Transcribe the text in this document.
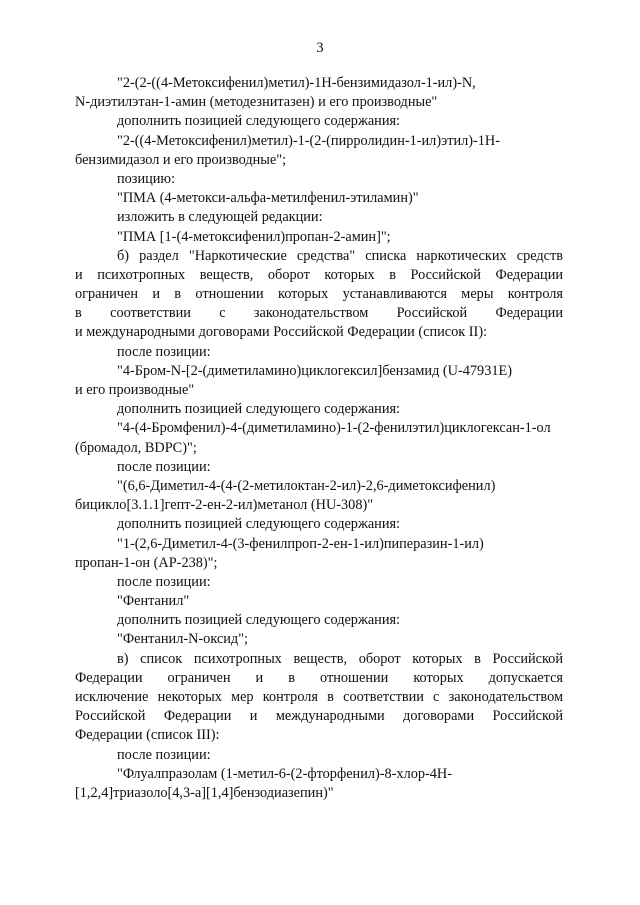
3
"2-(2-((4-Метоксифенил)метил)-1Н-бензимидазол-1-ил)-N,
N-диэтилэтан-1-амин (методезнитазен) и его производные"
дополнить позицией следующего содержания:
"2-((4-Метоксифенил)метил)-1-(2-(пирролидин-1-ил)этил)-1Н-
бензимидазол и его производные";
позицию:
"ПМА (4-метокси-альфа-метилфенил-этиламин)"
изложить в следующей редакции:
"ПМА [1-(4-метоксифенил)пропан-2-амин]";
б) раздел "Наркотические средства" списка наркотических средств
и психотропных веществ, оборот которых в Российской Федерации
ограничен и в отношении которых устанавливаются меры контроля
в соответствии с законодательством Российской Федерации
и международными договорами Российской Федерации (список II):
после позиции:
"4-Бром-N-[2-(диметиламино)циклогексил]бензамид (U-47931E)
и его производные"
дополнить позицией следующего содержания:
"4-(4-Бромфенил)-4-(диметиламино)-1-(2-фенилэтил)циклогексан-1-ол
(бромадол, BDPC)";
после позиции:
"(6,6-Диметил-4-(4-(2-метилоктан-2-ил)-2,6-диметоксифенил)
бицикло[3.1.1]гепт-2-ен-2-ил)метанол (HU-308)"
дополнить позицией следующего содержания:
"1-(2,6-Диметил-4-(3-фенилпроп-2-ен-1-ил)пиперазин-1-ил)
пропан-1-он (АР-238)";
после позиции:
"Фентанил"
дополнить позицией следующего содержания:
"Фентанил-N-оксид";
в) список психотропных веществ, оборот которых в Российской
Федерации ограничен и в отношении которых допускается
исключение некоторых мер контроля в соответствии с законодательством
Российской Федерации и международными договорами Российской
Федерации (список III):
после позиции:
"Флуалпразолам (1-метил-6-(2-фторфенил)-8-хлор-4Н-
[1,2,4]триазоло[4,3-а][1,4]бензодиазепин)"
